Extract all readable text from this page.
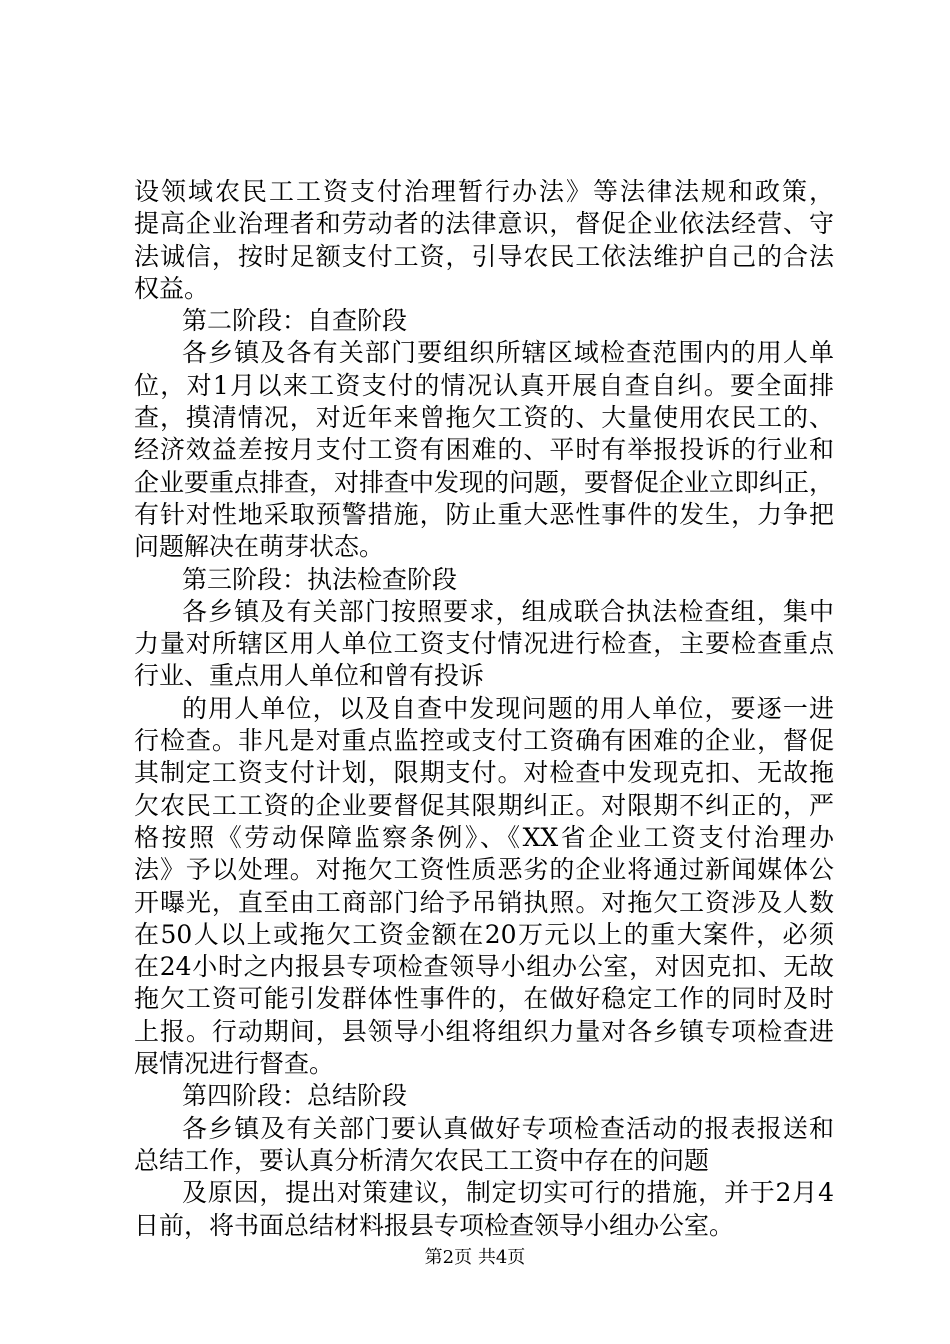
设领域农民工工资支付治理暂行办法》等法律法规和政策，
提高企业治理者和劳动者的法律意识，督促企业依法经营、守
法诚信，按时足额支付工资，引导农民工依法维护自己的合法
权益。
第二阶段：自查阶段
各乡镇及各有关部门要组织所辖区域检查范围内的用人单
位，对1月以来工资支付的情况认真开展自查自纠。要全面排
查，摸清情况，对近年来曾拖欠工资的、大量使用农民工的、
经济效益差按月支付工资有困难的、平时有举报投诉的行业和
企业要重点排查，对排查中发现的问题，要督促企业立即纠正，
有针对性地采取预警措施，防止重大恶性事件的发生，力争把
问题解决在萌芽状态。
第三阶段：执法检查阶段
各乡镇及有关部门按照要求，组成联合执法检查组，集中
力量对所辖区用人单位工资支付情况进行检查，主要检查重点
行业、重点用人单位和曾有投诉
的用人单位，以及自查中发现问题的用人单位，要逐一进
行检查。非凡是对重点监控或支付工资确有困难的企业，督促
其制定工资支付计划，限期支付。对检查中发现克扣、无故拖
欠农民工工资的企业要督促其限期纠正。对限期不纠正的，严
格按照《劳动保障监察条例》、《XX省企业工资支付治理办
法》予以处理。对拖欠工资性质恶劣的企业将通过新闻媒体公
开曝光，直至由工商部门给予吊销执照。对拖欠工资涉及人数
在50人以上或拖欠工资金额在20万元以上的重大案件，必须
在24小时之内报县专项检查领导小组办公室，对因克扣、无故
拖欠工资可能引发群体性事件的，在做好稳定工作的同时及时
上报。行动期间，县领导小组将组织力量对各乡镇专项检查进
展情况进行督查。
第四阶段：总结阶段
各乡镇及有关部门要认真做好专项检查活动的报表报送和
总结工作，要认真分析清欠农民工工资中存在的问题
及原因，提出对策建议，制定切实可行的措施，并于2月4
日前，将书面总结材料报县专项检查领导小组办公室。
第2页 共4页
